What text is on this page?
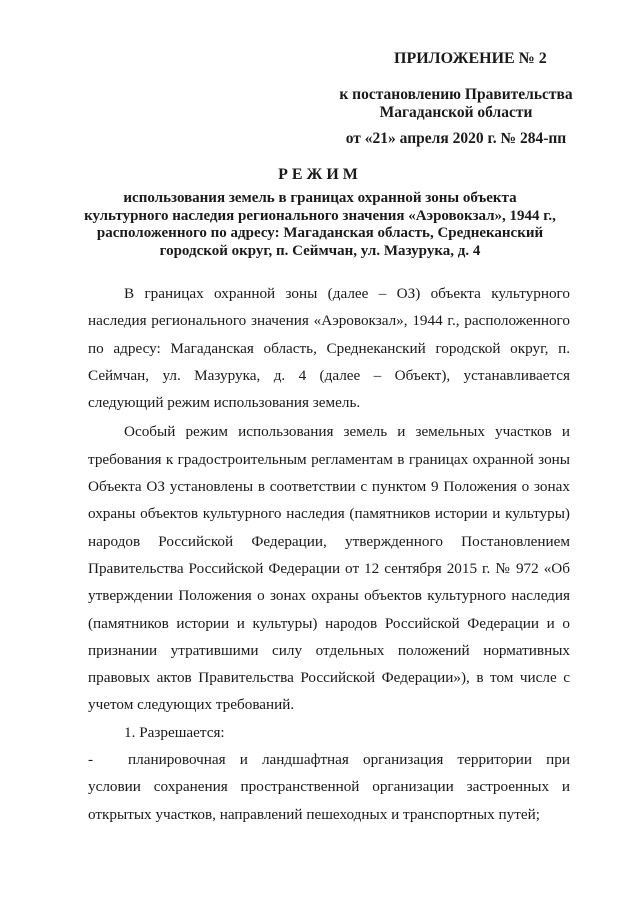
ПРИЛОЖЕНИЕ № 2
к постановлению Правительства
Магаданской области
от «21» апреля 2020 г. № 284-пп
РЕЖИМ
использования земель в границах охранной зоны объекта
культурного наследия регионального значения «Аэровокзал», 1944 г.,
расположенного по адресу: Магаданская область, Среднеканский
городской округ, п. Сеймчан, ул. Мазурука, д. 4

В границах охранной зоны (далее – ОЗ) объекта культурного наследия регионального значения «Аэровокзал», 1944 г., расположенного по адресу: Магаданская область, Среднеканский городской округ, п. Сеймчан, ул. Мазурука, д. 4 (далее – Объект), устанавливается следующий режим использования земель.

Особый режим использования земель и земельных участков и требования к градостроительным регламентам в границах охранной зоны Объекта ОЗ установлены в соответствии с пунктом 9 Положения о зонах охраны объектов культурного наследия (памятников истории и культуры) народов Российской Федерации, утвержденного Постановлением Правительства Российской Федерации от 12 сентября 2015 г. № 972 «Об утверждении Положения о зонах охраны объектов культурного наследия (памятников истории и культуры) народов Российской Федерации и о признании утратившими силу отдельных положений нормативных правовых актов Правительства Российской Федерации»), в том числе с учетом следующих требований.

1. Разрешается:

- планировочная и ландшафтная организация территории при условии сохранения пространственной организации застроенных и открытых участков, направлений пешеходных и транспортных путей;
